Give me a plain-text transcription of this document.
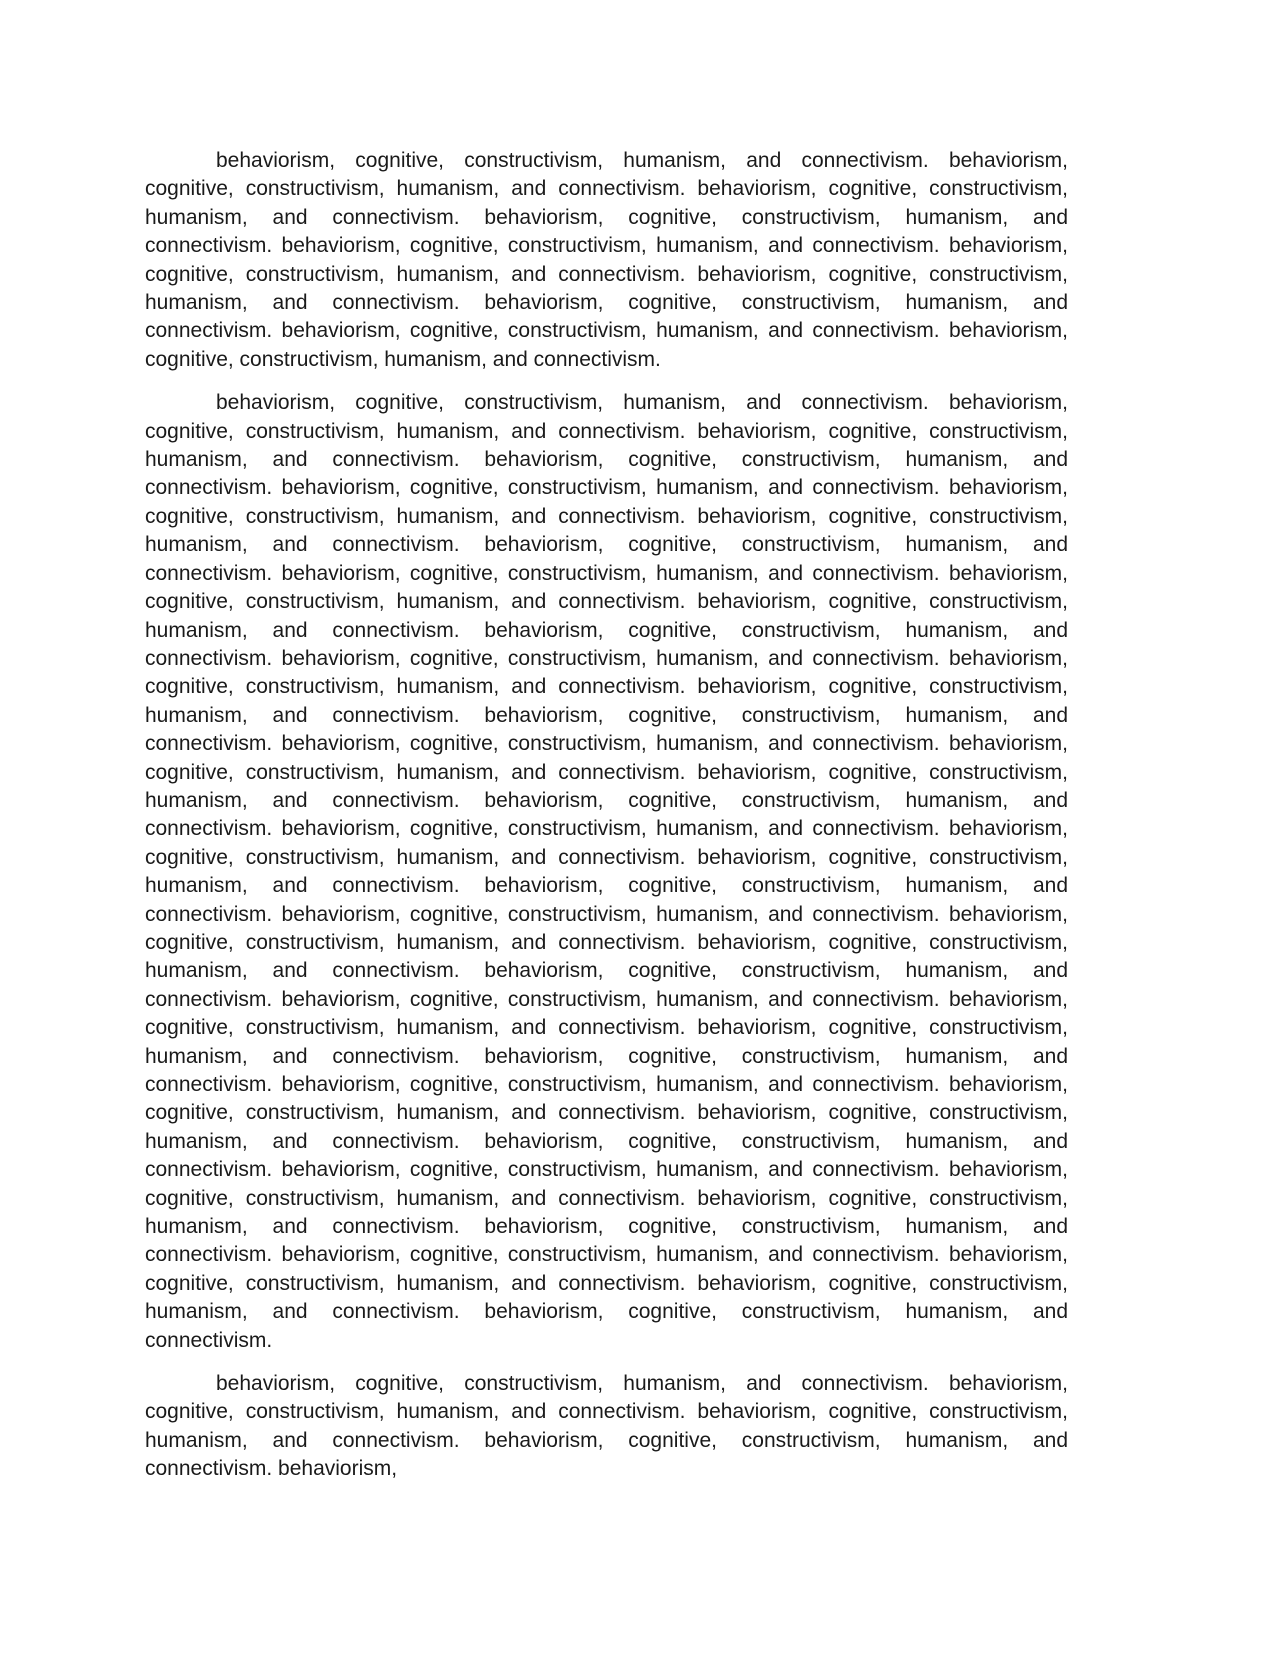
behaviorism, cognitive, constructivism, humanism, and connectivism. behaviorism, cognitive, constructivism, humanism, and connectivism. behaviorism, cognitive, constructivism, humanism, and connectivism. behaviorism, cognitive, constructivism, humanism, and connectivism. behaviorism, cognitive, constructivism, humanism, and connectivism. behaviorism, cognitive, constructivism, humanism, and connectivism. behaviorism, cognitive, constructivism, humanism, and connectivism. behaviorism, cognitive, constructivism, humanism, and connectivism. behaviorism, cognitive, constructivism, humanism, and connectivism. behaviorism, cognitive, constructivism, humanism, and connectivism.

behaviorism, cognitive, constructivism, humanism, and connectivism. behaviorism, cognitive, constructivism, humanism, and connectivism. behaviorism, cognitive, constructivism, humanism, and connectivism. behaviorism, cognitive, constructivism, humanism, and connectivism. behaviorism, cognitive, constructivism, humanism, and connectivism. behaviorism, cognitive, constructivism, humanism, and connectivism. behaviorism, cognitive, constructivism, humanism, and connectivism. behaviorism, cognitive, constructivism, humanism, and connectivism. behaviorism, cognitive, constructivism, humanism, and connectivism. behaviorism, cognitive, constructivism, humanism, and connectivism. behaviorism, cognitive, constructivism, humanism, and connectivism. behaviorism, cognitive, constructivism, humanism, and connectivism. behaviorism, cognitive, constructivism, humanism, and connectivism. behaviorism, cognitive, constructivism, humanism, and connectivism. behaviorism, cognitive, constructivism, humanism, and connectivism. behaviorism, cognitive, constructivism, humanism, and connectivism. behaviorism, cognitive, constructivism, humanism, and connectivism. behaviorism, cognitive, constructivism, humanism, and connectivism. behaviorism, cognitive, constructivism, humanism, and connectivism. behaviorism, cognitive, constructivism, humanism, and connectivism. behaviorism, cognitive, constructivism, humanism, and connectivism. behaviorism, cognitive, constructivism, humanism, and connectivism. behaviorism, cognitive, constructivism, humanism, and connectivism. behaviorism, cognitive, constructivism, humanism, and connectivism. behaviorism, cognitive, constructivism, humanism, and connectivism. behaviorism, cognitive, constructivism, humanism, and connectivism. behaviorism, cognitive, constructivism, humanism, and connectivism. behaviorism, cognitive, constructivism, humanism, and connectivism. behaviorism, cognitive, constructivism, humanism, and connectivism. behaviorism, cognitive, constructivism, humanism, and connectivism. behaviorism, cognitive, constructivism, humanism, and connectivism. behaviorism, cognitive, constructivism, humanism, and connectivism. behaviorism, cognitive, constructivism, humanism, and connectivism. behaviorism, cognitive, constructivism, humanism, and connectivism. behaviorism, cognitive, constructivism, humanism, and connectivism. behaviorism, cognitive, constructivism, humanism, and connectivism. behaviorism, cognitive, constructivism, humanism, and connectivism. behaviorism, cognitive, constructivism, humanism, and connectivism. behaviorism, cognitive, constructivism, humanism, and connectivism. behaviorism, cognitive, constructivism, humanism, and connectivism. behaviorism, cognitive, constructivism, humanism, and connectivism. behaviorism, cognitive, constructivism, humanism, and connectivism. behaviorism, cognitive, constructivism, humanism, and connectivism. behaviorism, cognitive, constructivism, humanism, and connectivism.

behaviorism, cognitive, constructivism, humanism, and connectivism. behaviorism, cognitive, constructivism, humanism, and connectivism. behaviorism, cognitive, constructivism, humanism, and connectivism. behaviorism, cognitive, constructivism, humanism, and connectivism. behaviorism,
